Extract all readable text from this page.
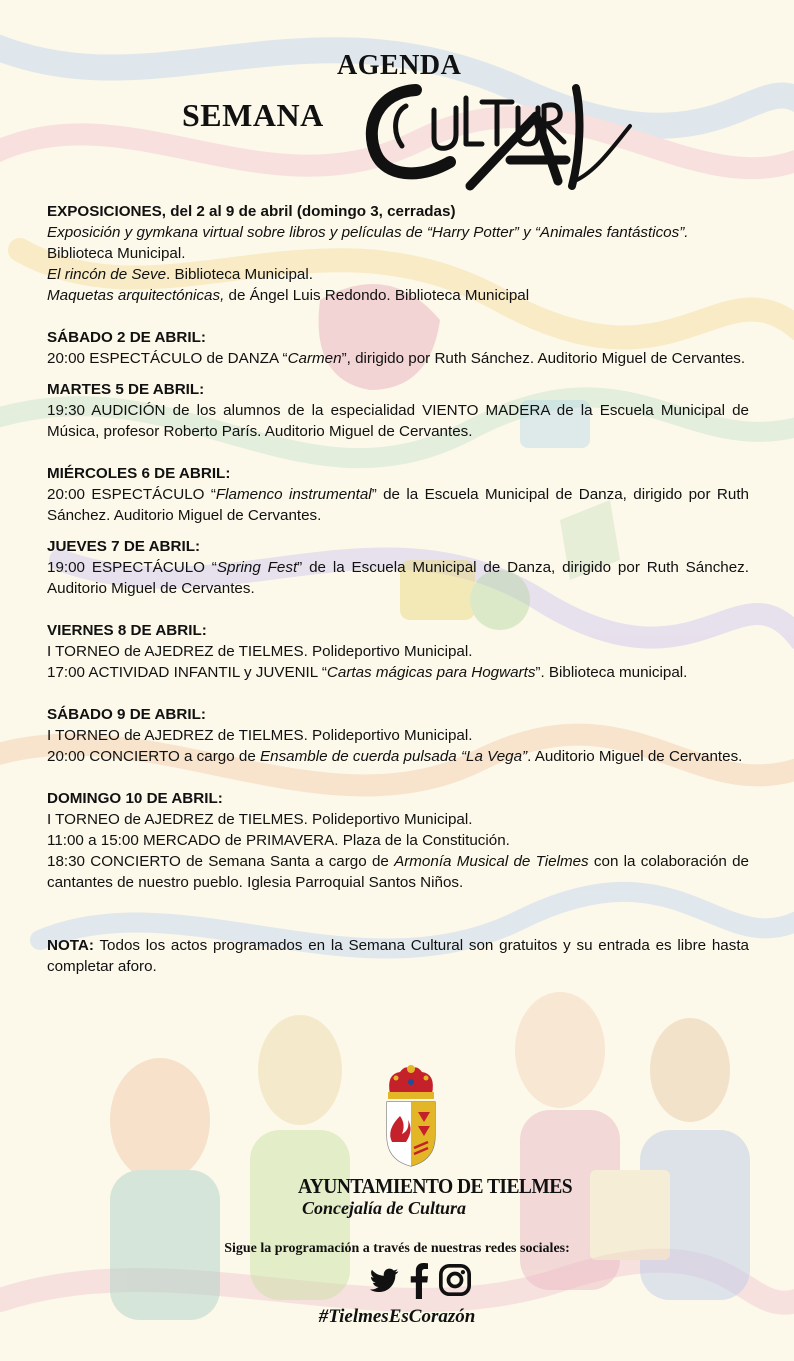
AGENDA
SEMANA

EXPOSICIONES, del 2 al 9 de abril (domingo 3, cerradas)

Exposición y gymkana virtual sobre libros y películas de “Harry Potter” y “Animales fantásticos”.

Biblioteca Municipal.

El rincón de Seve. Biblioteca Municipal.

Maquetas arquitectónicas, de Ángel Luis Redondo. Biblioteca Municipal

SÁBADO 2 DE ABRIL:

20:00 ESPECTÁCULO de DANZA “Carmen”, dirigido por Ruth Sánchez. Auditorio Miguel de Cervantes.

MARTES 5 DE ABRIL:

19:30 AUDICIÓN de los alumnos de la especialidad VIENTO MADERA de la Escuela Municipal de Música, profesor Roberto París. Auditorio Miguel de Cervantes.

MIÉRCOLES 6 DE ABRIL:

20:00 ESPECTÁCULO “Flamenco instrumental” de la Escuela Municipal de Danza, dirigido por Ruth Sánchez. Auditorio Miguel de Cervantes.

JUEVES 7 DE ABRIL:

19:00 ESPECTÁCULO “Spring Fest” de la Escuela Municipal de Danza, dirigido por Ruth Sánchez. Auditorio Miguel de Cervantes.

VIERNES 8 DE ABRIL:

I TORNEO de AJEDREZ de TIELMES. Polideportivo Municipal.

17:00 ACTIVIDAD INFANTIL y JUVENIL “Cartas mágicas para Hogwarts”. Biblioteca municipal.

SÁBADO 9 DE ABRIL:

I TORNEO de AJEDREZ de TIELMES. Polideportivo Municipal.

20:00 CONCIERTO a cargo de Ensamble de cuerda pulsada “La Vega”. Auditorio Miguel de Cervantes.

DOMINGO 10 DE ABRIL:

I TORNEO de AJEDREZ de TIELMES. Polideportivo Municipal.

11:00 a 15:00 MERCADO de PRIMAVERA. Plaza de la Constitución.

18:30 CONCIERTO de Semana Santa a cargo de Armonía Musical de Tielmes con la colaboración de cantantes de nuestro pueblo. Iglesia Parroquial Santos Niños.

NOTA: Todos los actos programados en la Semana Cultural son gratuitos y su entrada es libre hasta completar aforo.

AYUNTAMIENTO DE TIELMES
Concejalía de Cultura
Sigue la programación a través de nuestras redes sociales:
#TielmesEsCorazón
